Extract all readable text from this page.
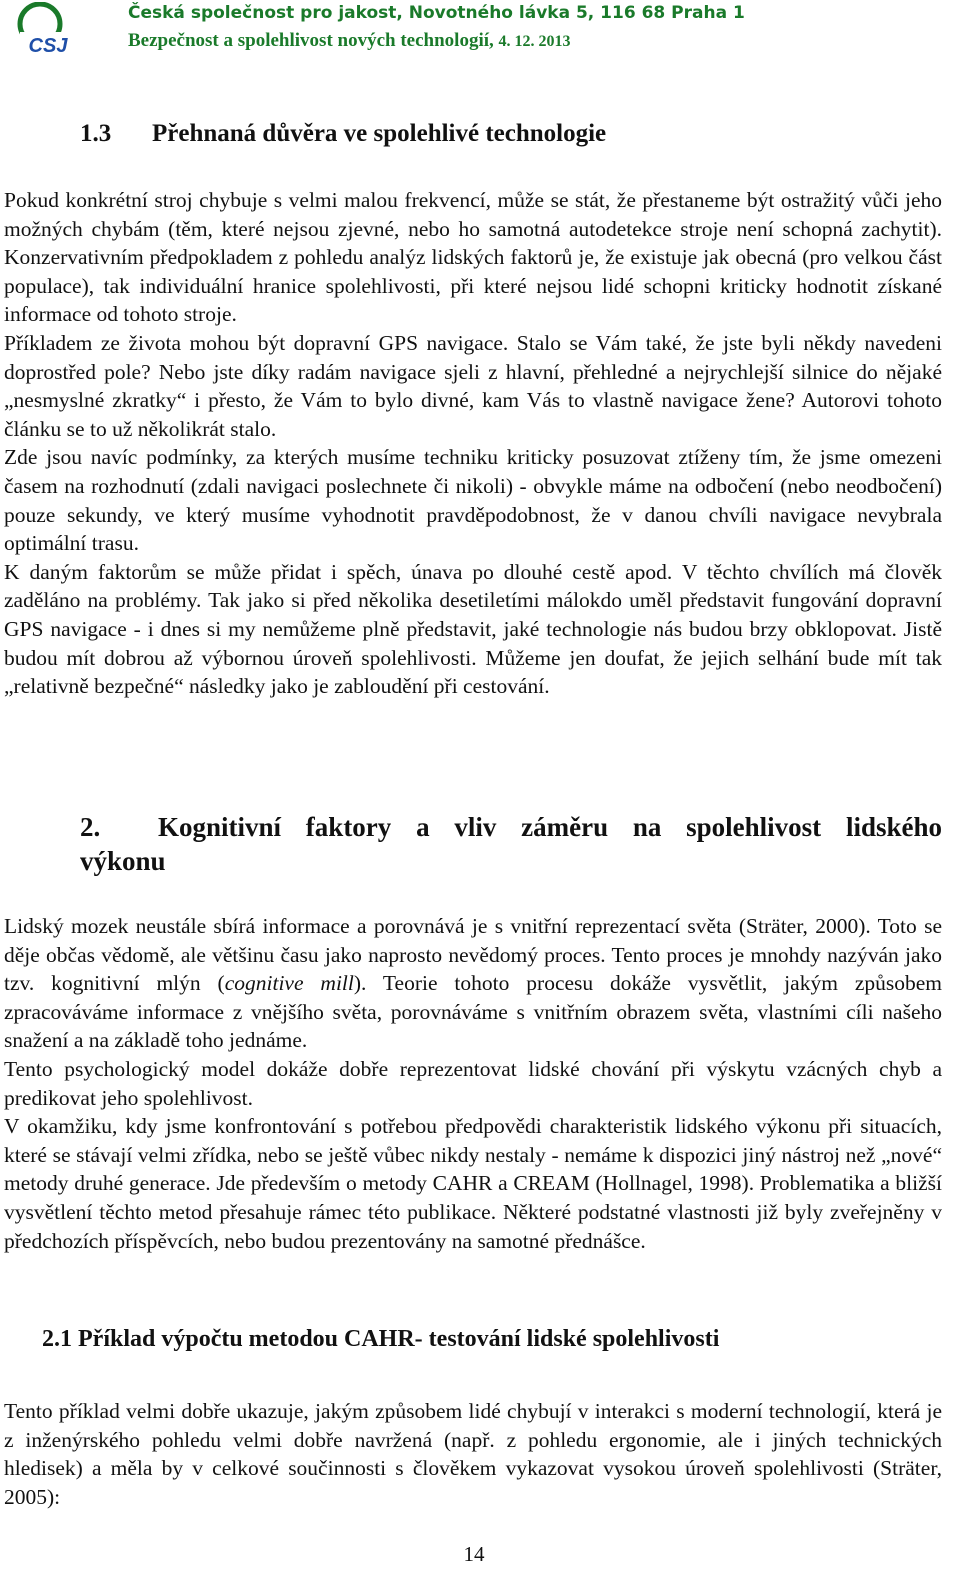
CSJ
Česká společnost pro jakost, Novotného lávka 5, 116 68 Praha 1
Bezpečnost a spolehlivost nových technologií, 4. 12. 2013
1.3 Přehnaná důvěra ve spolehlivé technologie

Pokud konkrétní stroj chybuje s velmi malou frekvencí, může se stát, že přestaneme být ostražitý vůči jeho možných chybám (těm, které nejsou zjevné, nebo ho samotná autodetekce stroje není schopná zachytit). Konzervativním předpokladem z pohledu analýz lidských faktorů je, že existuje jak obecná (pro velkou část populace), tak individuální hranice spolehlivosti, při které nejsou lidé schopni kriticky hodnotit získané informace od tohoto stroje.

Příkladem ze života mohou být dopravní GPS navigace. Stalo se Vám také, že jste byli někdy navedeni doprostřed pole? Nebo jste díky radám navigace sjeli z hlavní, přehledné a nejrychlejší silnice do nějaké „nesmyslné zkratky“ i přesto, že Vám to bylo divné, kam Vás to vlastně navigace žene? Autorovi tohoto článku se to už několikrát stalo.

Zde jsou navíc podmínky, za kterých musíme techniku kriticky posuzovat ztíženy tím, že jsme omezeni časem na rozhodnutí (zdali navigaci poslechnete či nikoli) - obvykle máme na odbočení (nebo neodbočení) pouze sekundy, ve který musíme vyhodnotit pravděpodobnost, že v danou chvíli navigace nevybrala optimální trasu.

K daným faktorům se může přidat i spěch, únava po dlouhé cestě apod. V těchto chvílích má člověk zaděláno na problémy. Tak jako si před několika desetiletími málokdo uměl představit fungování dopravní GPS navigace - i dnes si my nemůžeme plně představit, jaké technologie nás budou brzy obklopovat. Jistě budou mít dobrou až výbornou úroveň spolehlivosti. Můžeme jen doufat, že jejich selhání bude mít tak „relativně bezpečné“ následky jako je zabloudění při cestování.

2. Kognitivní faktory a vliv záměru na spolehlivost lidského
výkonu

Lidský mozek neustále sbírá informace a porovnává je s vnitřní reprezentací světa (Sträter, 2000). Toto se děje občas vědomě, ale většinu času jako naprosto nevědomý proces. Tento proces je mnohdy nazýván jako tzv. kognitivní mlýn (cognitive mill). Teorie tohoto procesu dokáže vysvětlit, jakým způsobem zpracováváme informace z vnějšího světa, porovnáváme s vnitřním obrazem světa, vlastními cíli našeho snažení a na základě toho jednáme.

Tento psychologický model dokáže dobře reprezentovat lidské chování při výskytu vzácných chyb a predikovat jeho spolehlivost.

V okamžiku, kdy jsme konfrontování s potřebou předpovědi charakteristik lidského výkonu při situacích, které se stávají velmi zřídka, nebo se ještě vůbec nikdy nestaly - nemáme k dispozici jiný nástroj než „nové“ metody druhé generace. Jde především o metody CAHR a CREAM (Hollnagel, 1998). Problematika a bližší vysvětlení těchto metod přesahuje rámec této publikace. Některé podstatné vlastnosti již byly zveřejněny v předchozích příspěvcích, nebo budou prezentovány na samotné přednášce.

2.1 Příklad výpočtu metodou CAHR- testování lidské spolehlivosti

Tento příklad velmi dobře ukazuje, jakým způsobem lidé chybují v interakci s moderní technologií, která je z inženýrského pohledu velmi dobře navržená (např. z pohledu ergonomie, ale i jiných technických hledisek) a měla by v celkové součinnosti s člověkem vykazovat vysokou úroveň spolehlivosti (Sträter, 2005):

14
